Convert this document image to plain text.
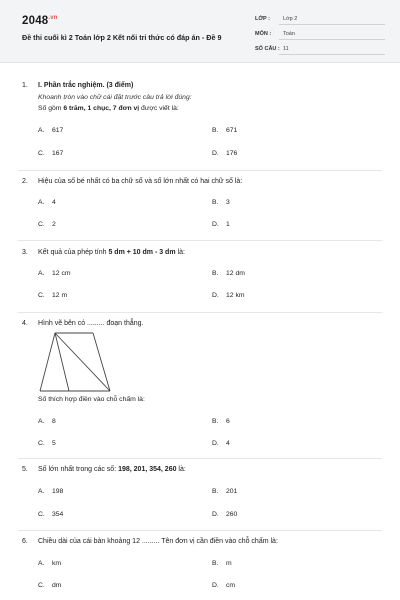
$2048^{.vn}$
Đề thi cuối kì 2 Toán lớp 2 Kết nối tri thức có đáp án - Đề 9
LỚP : Lớp 2
MÔN : Toán
SỐ CÂU : 11
1. I. Phần trắc nghiệm. (3 điểm)
Khoanh tròn vào chữ cái đặt trước câu trả lời đúng:
Số gồm 6 trăm, 1 chục, 7 đơn vị được viết là:
A. 617	B. 671
C. 167	D. 176
2. Hiệu của số bé nhất có ba chữ số và số lớn nhất có hai chữ số là:
A. 4	B. 3
C. 2	D. 1
3. Kết quả của phép tính 5 dm + 10 dm - 3 dm là:
A. 12 cm	B. 12 dm
C. 12 m	D. 12 km
4. Hình vẽ bên có ......... đoạn thẳng.
Số thích hợp điền vào chỗ chấm là:
A. 8	B. 6
C. 5	D. 4
5. Số lớn nhất trong các số: 198, 201, 354, 260 là:
A. 198	B. 201
C. 354	D. 260
6. Chiều dài của cái bàn khoảng 12 ......... Tên đơn vị cần điền vào chỗ chấm là:
A. km	B. m
C. dm	D. cm
